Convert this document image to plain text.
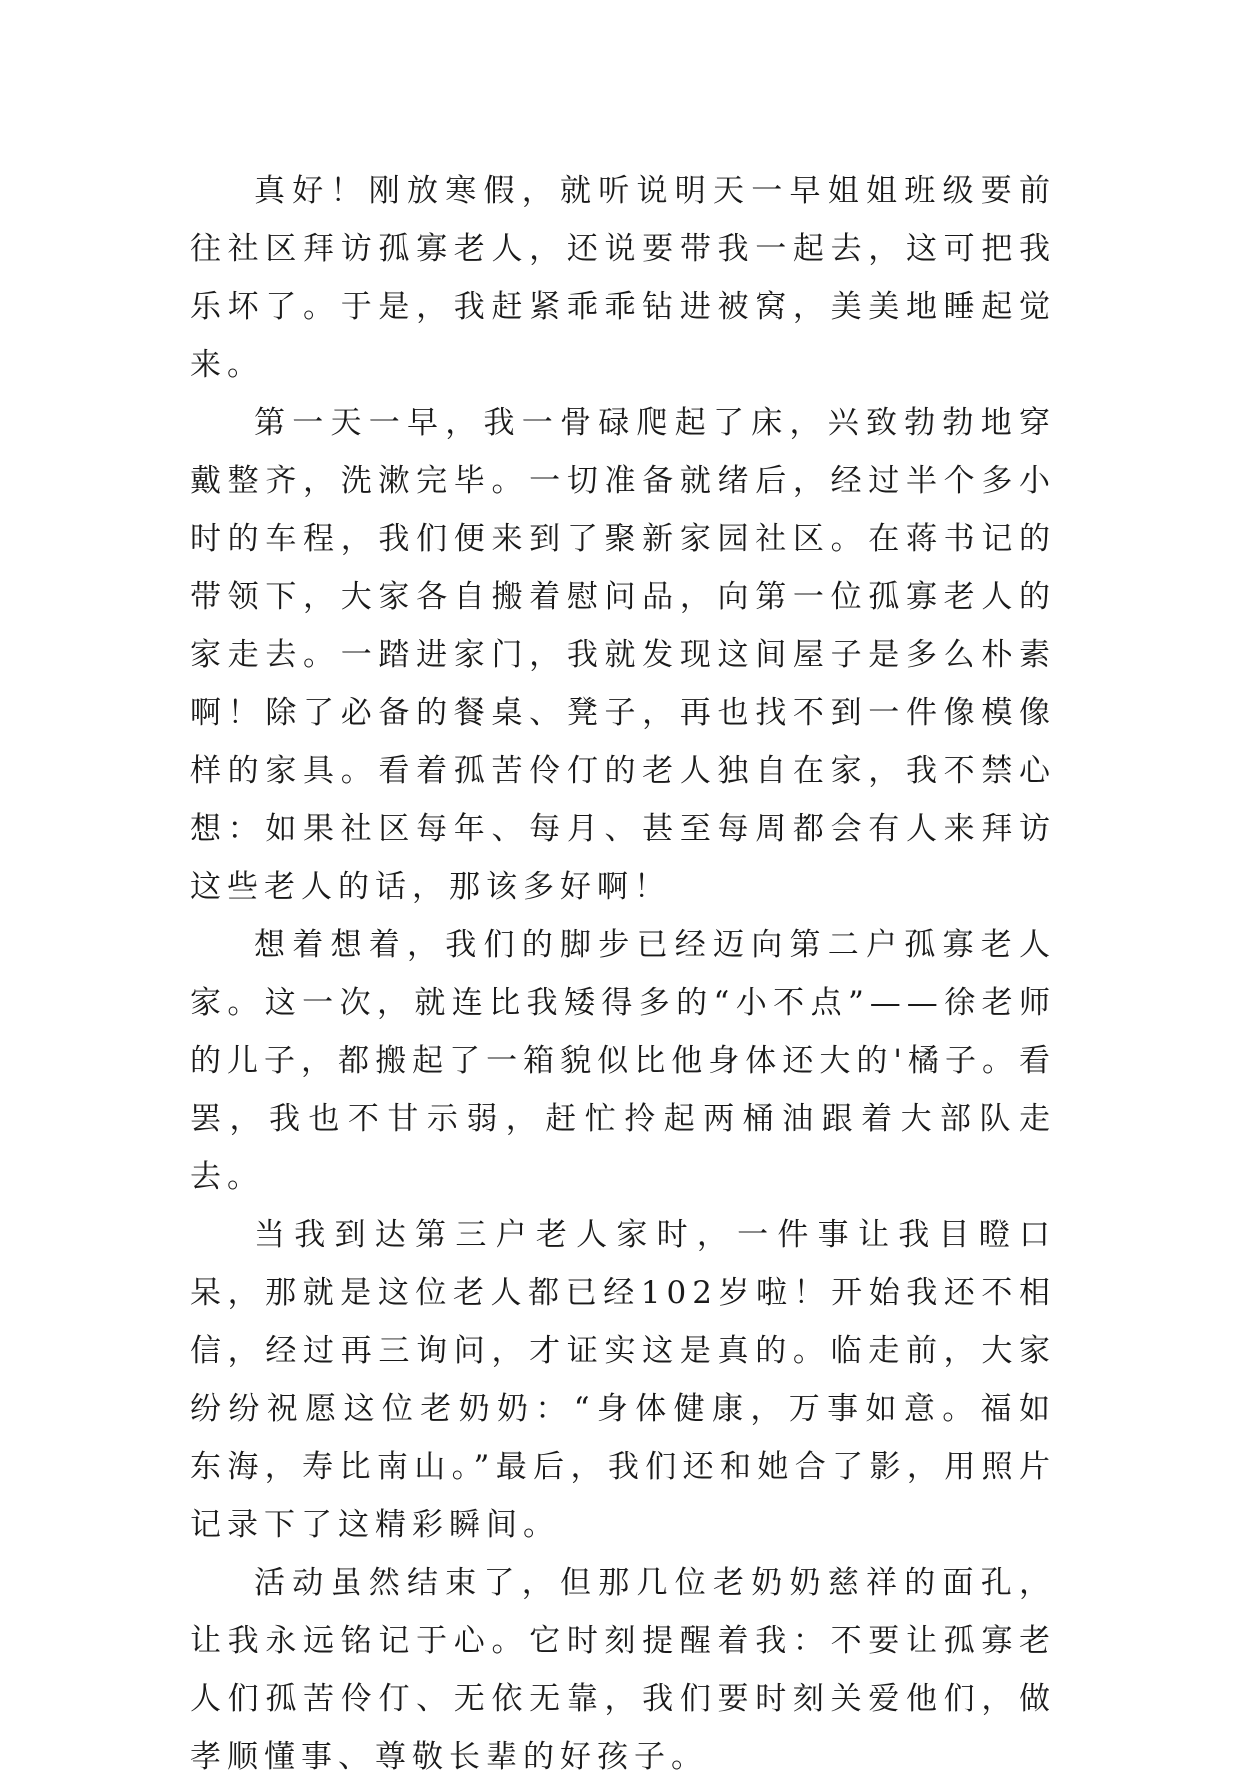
真好！刚放寒假，就听说明天一早姐姐班级要前往社区拜访孤寡老人，还说要带我一起去，这可把我乐坏了。于是，我赶紧乖乖钻进被窝，美美地睡起觉来。

第一天一早，我一骨碌爬起了床，兴致勃勃地穿戴整齐，洗漱完毕。一切准备就绪后，经过半个多小时的车程，我们便来到了聚新家园社区。在蒋书记的带领下，大家各自搬着慰问品，向第一位孤寡老人的家走去。一踏进家门，我就发现这间屋子是多么朴素啊！除了必备的餐桌、凳子，再也找不到一件像模像样的家具。看着孤苦伶仃的老人独自在家，我不禁心想：如果社区每年、每月、甚至每周都会有人来拜访这些老人的话，那该多好啊！

想着想着，我们的脚步已经迈向第二户孤寡老人家。这一次，就连比我矮得多的“小不点”——徐老师的儿子，都搬起了一箱貌似比他身体还大的'橘子。看罢，我也不甘示弱，赶忙拎起两桶油跟着大部队走去。

当我到达第三户老人家时，一件事让我目瞪口呆，那就是这位老人都已经102岁啦！开始我还不相信，经过再三询问，才证实这是真的。临走前，大家纷纷祝愿这位老奶奶：“身体健康，万事如意。福如东海，寿比南山。”最后，我们还和她合了影，用照片记录下了这精彩瞬间。

活动虽然结束了，但那几位老奶奶慈祥的面孔，让我永远铭记于心。它时刻提醒着我：不要让孤寡老人们孤苦伶仃、无依无靠，我们要时刻关爱他们，做孝顺懂事、尊敬长辈的好孩子。
